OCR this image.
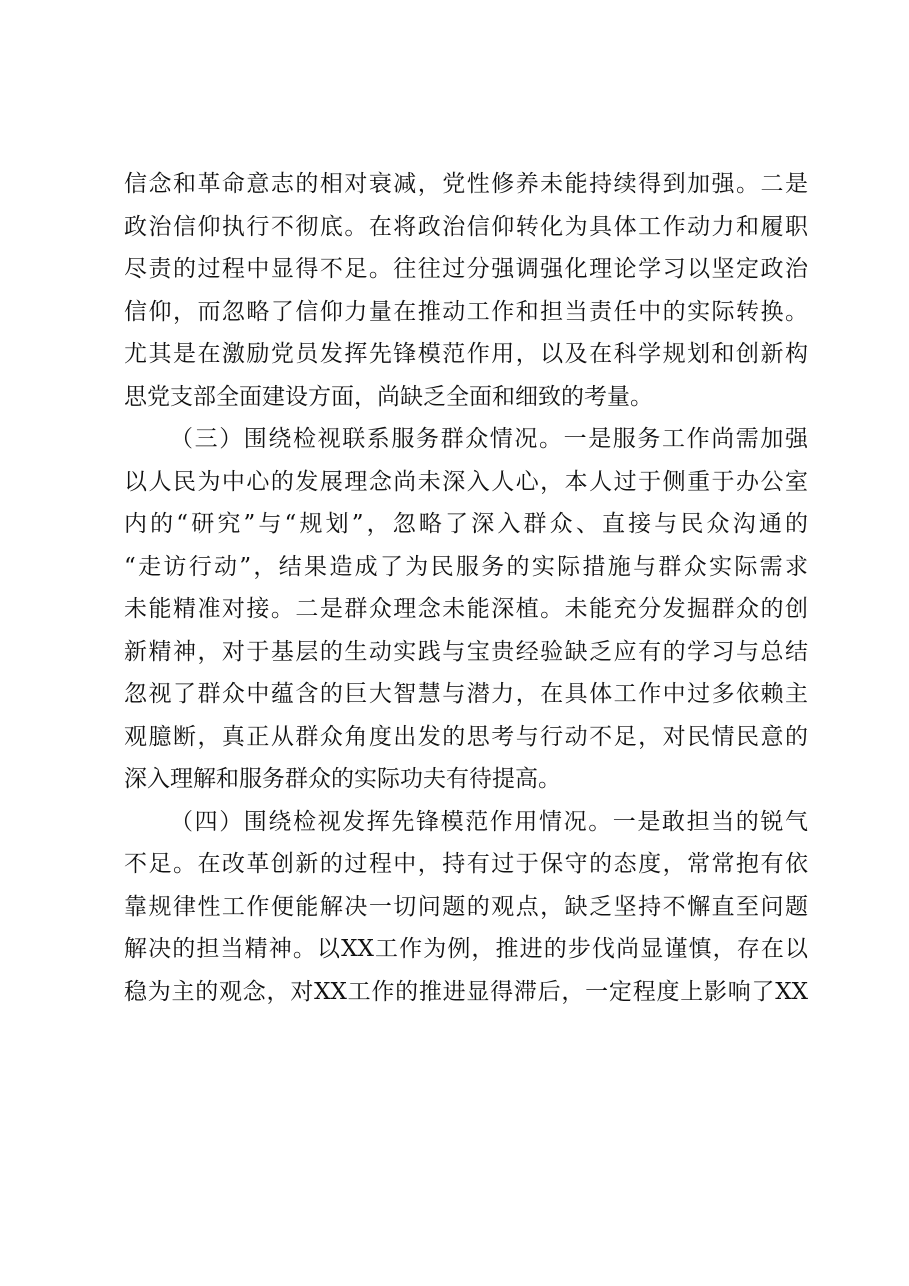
信念和革命意志的相对衰减，党性修养未能持续得到加强。二是
政治信仰执行不彻底。在将政治信仰转化为具体工作动力和履职
尽责的过程中显得不足。往往过分强调强化理论学习以坚定政治
信仰，而忽略了信仰力量在推动工作和担当责任中的实际转换。
尤其是在激励党员发挥先锋模范作用，以及在科学规划和创新构
思党支部全面建设方面，尚缺乏全面和细致的考量。
（三）围绕检视联系服务群众情况。一是服务工作尚需加强
以人民为中心的发展理念尚未深入人心，本人过于侧重于办公室
内的“研究”与“规划”，忽略了深入群众、直接与民众沟通的
“走访行动”，结果造成了为民服务的实际措施与群众实际需求
未能精准对接。二是群众理念未能深植。未能充分发掘群众的创
新精神，对于基层的生动实践与宝贵经验缺乏应有的学习与总结
忽视了群众中蕴含的巨大智慧与潜力，在具体工作中过多依赖主
观臆断，真正从群众角度出发的思考与行动不足，对民情民意的
深入理解和服务群众的实际功夫有待提高。
（四）围绕检视发挥先锋模范作用情况。一是敢担当的锐气
不足。在改革创新的过程中，持有过于保守的态度，常常抱有依
靠规律性工作便能解决一切问题的观点，缺乏坚持不懈直至问题
解决的担当精神。以XX工作为例，推进的步伐尚显谨慎，存在以
稳为主的观念，对XX工作的推进显得滞后，一定程度上影响了XX
